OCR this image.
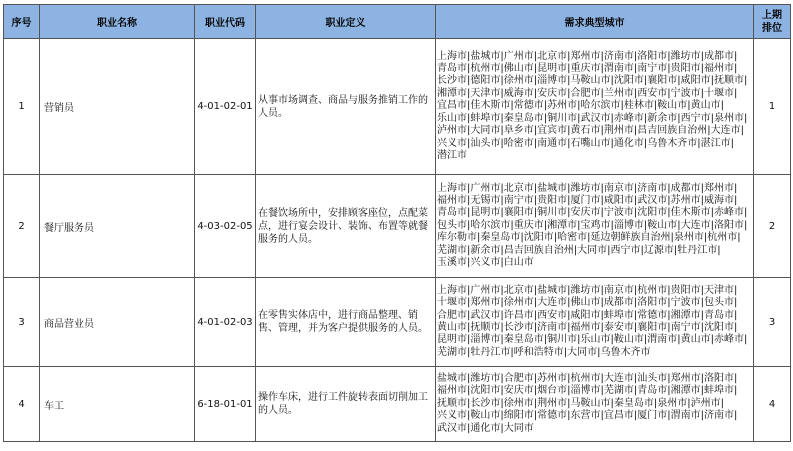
序号	职业名称	职业代码	职业定义	需求典型城市	上期
排位
1	营销员	4-01-02-01	从事市场调查、商品与服务推销工作的人员。	上海市|盐城市|广州市|北京市|郑州市|济南市|洛阳市|潍坊市|成都市|青岛市|杭州市|佛山市|昆明市|重庆市|渭南市|南宁市|贵阳市|福州市|长沙市|德阳市|徐州市|淄博市|马鞍山市|沈阳市|襄阳市|咸阳市|抚顺市|湘潭市|天津市|威海市|安庆市|合肥市|兰州市|西安市|宁波市|十堰市|宜昌市|佳木斯市|常德市|苏州市|哈尔滨市|桂林市|鞍山市|黄山市|乐山市|蚌埠市|秦皇岛市|铜川市|武汉市|赤峰市|新余市|西宁市|泉州市|泸州市|大同市|阜乡市|宜宾市|黄石市|荆州市|昌吉回族自治州|大连市|兴义市|汕头市|哈密市|南通市|石嘴山市|通化市|乌鲁木齐市|湛江市|潜江市	1
2	餐厅服务员	4-03-02-05	在餐饮场所中，安排顾客座位，点配菜点，进行宴会设计、装饰、布置等就餐服务的人员。	上海市|广州市|北京市|盐城市|潍坊市|南京市|济南市|成都市|郑州市|福州市|无锡市|南宁市|贵阳市|厦门市|咸阳市|武汉市|苏州市|威海市|青岛市|昆明市|襄阳市|铜川市|安庆市|宁波市|沈阳市|佳木斯市|赤峰市|包头市|哈尔滨市|重庆市|湘潭市|宝鸡市|淄博市|鞍山市|大连市|洛阳市|库尔勒市|秦皇岛市|沈阳市|哈密市|延边朝鲜族自治州|泉州市|杭州市|芜湖市|新余市|昌吉回族自治州|大同市|西宁市|辽源市|牡丹江市|玉溪市|兴义市|白山市	2
3	商品营业员	4-01-02-03	在零售实体店中，进行商品整理、销售、管理，并为客户提供服务的人员。	上海市|广州市|北京市|盐城市|潍坊市|南京市|杭州市|贵阳市|天津市|十堰市|郑州市|徐州市|大连市|佛山市|成都市|洛阳市|宁波市|包头市|合肥市|武汉市|许昌市|西安市|咸阳市|蚌埠市|常德市|湘潭市|青岛市|黄山市|抚顺市|长沙市|济南市|福州市|泰安市|襄阳市|南宁市|沈阳市|昆明市|淄博市|秦皇岛市|铜川市|乐山市|鞍山市|渭南市|黄山市|赤峰市|芜湖市|牡丹江市|呼和浩特市|大同市|乌鲁木齐市	3
4	车工	6-18-01-01	操作车床，进行工件旋转表面切削加工的人员。	盐城市|潍坊市|合肥市|苏州市|杭州市|大连市|汕头市|郑州市|洛阳市|福州市|沈阳市|安庆市|烟台市|淄博市|芜湖市|青岛市|湘潭市|蚌埠市|抚顺市|长沙市|徐州市|荆州市|马鞍山市|秦皇岛市|泉州市|泸州市|兴义市|鞍山市|绵阳市|常德市|东营市|宜昌市|厦门市|渭南市|济南市|武汉市|通化市|大同市	4
